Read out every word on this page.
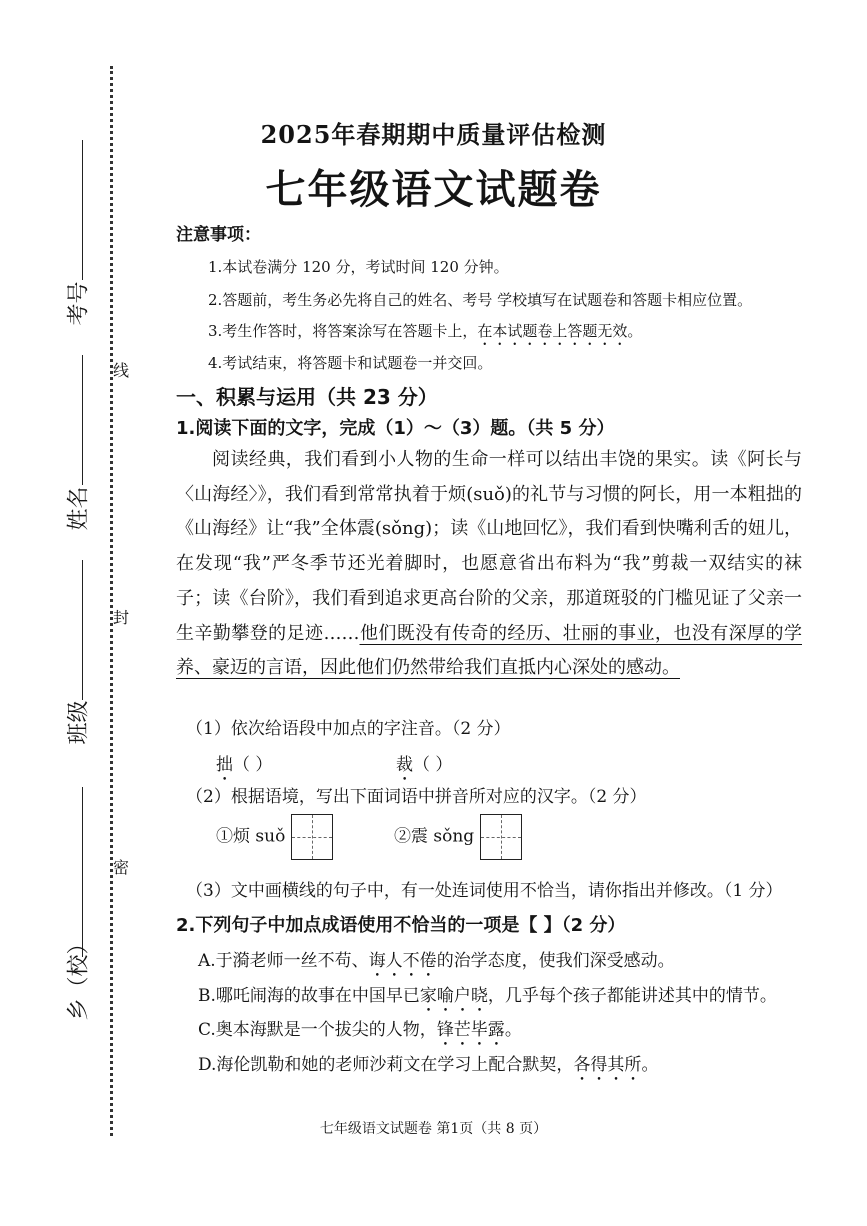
线
封
密
考号
姓名
班级
乡（校）
2025年春期期中质量评估检测
七年级语文试题卷
注意事项：
1.本试卷满分 120 分，考试时间 120 分钟。
2.答题前，考生务必先将自己的姓名、考号 学校填写在试题卷和答题卡相应位置。
3.考生作答时，将答案涂写在答题卡上，在本试题卷上答题无效。
4.考试结束，将答题卡和试题卷一并交回。
一、积累与运用（共 23 分）
1.阅读下面的文字，完成（1）～（3）题。（共 5 分）

阅读经典，我们看到小人物的生命一样可以结出丰饶的果实。读《阿长与〈山海经〉》，我们看到常常执着于烦(suǒ)的礼节与习惯的阿长，用一本粗拙的《山海经》让“我”全体震(sǒng)；读《山地回忆》，我们看到快嘴利舌的妞儿，在发现“我”严冬季节还光着脚时，也愿意省出布料为“我”剪裁一双结实的袜子；读《台阶》，我们看到追求更高台阶的父亲，那道斑驳的门槛见证了父亲一生辛勤攀登的足迹……他们既没有传奇的经历、壮丽的事业，也没有深厚的学养、豪迈的言语，因此他们仍然带给我们直抵内心深处的感动。

（1）依次给语段中加点的字注音。（2 分）
拙（ ）	裁（ ）
（2）根据语境，写出下面词语中拼音所对应的汉字。（2 分）
①烦 suǒ	②震 sǒng
（3）文中画横线的句子中，有一处连词使用不恰当，请你指出并修改。（1 分）
2.下列句子中加点成语使用不恰当的一项是【 】（2 分）
A.于漪老师一丝不苟、诲人不倦的治学态度，使我们深受感动。
B.哪吒闹海的故事在中国早已家喻户晓，几乎每个孩子都能讲述其中的情节。
C.奥本海默是一个拔尖的人物，锋芒毕露。
D.海伦凯勒和她的老师沙莉文在学习上配合默契，各得其所。
七年级语文试题卷 第1页（共 8 页）
